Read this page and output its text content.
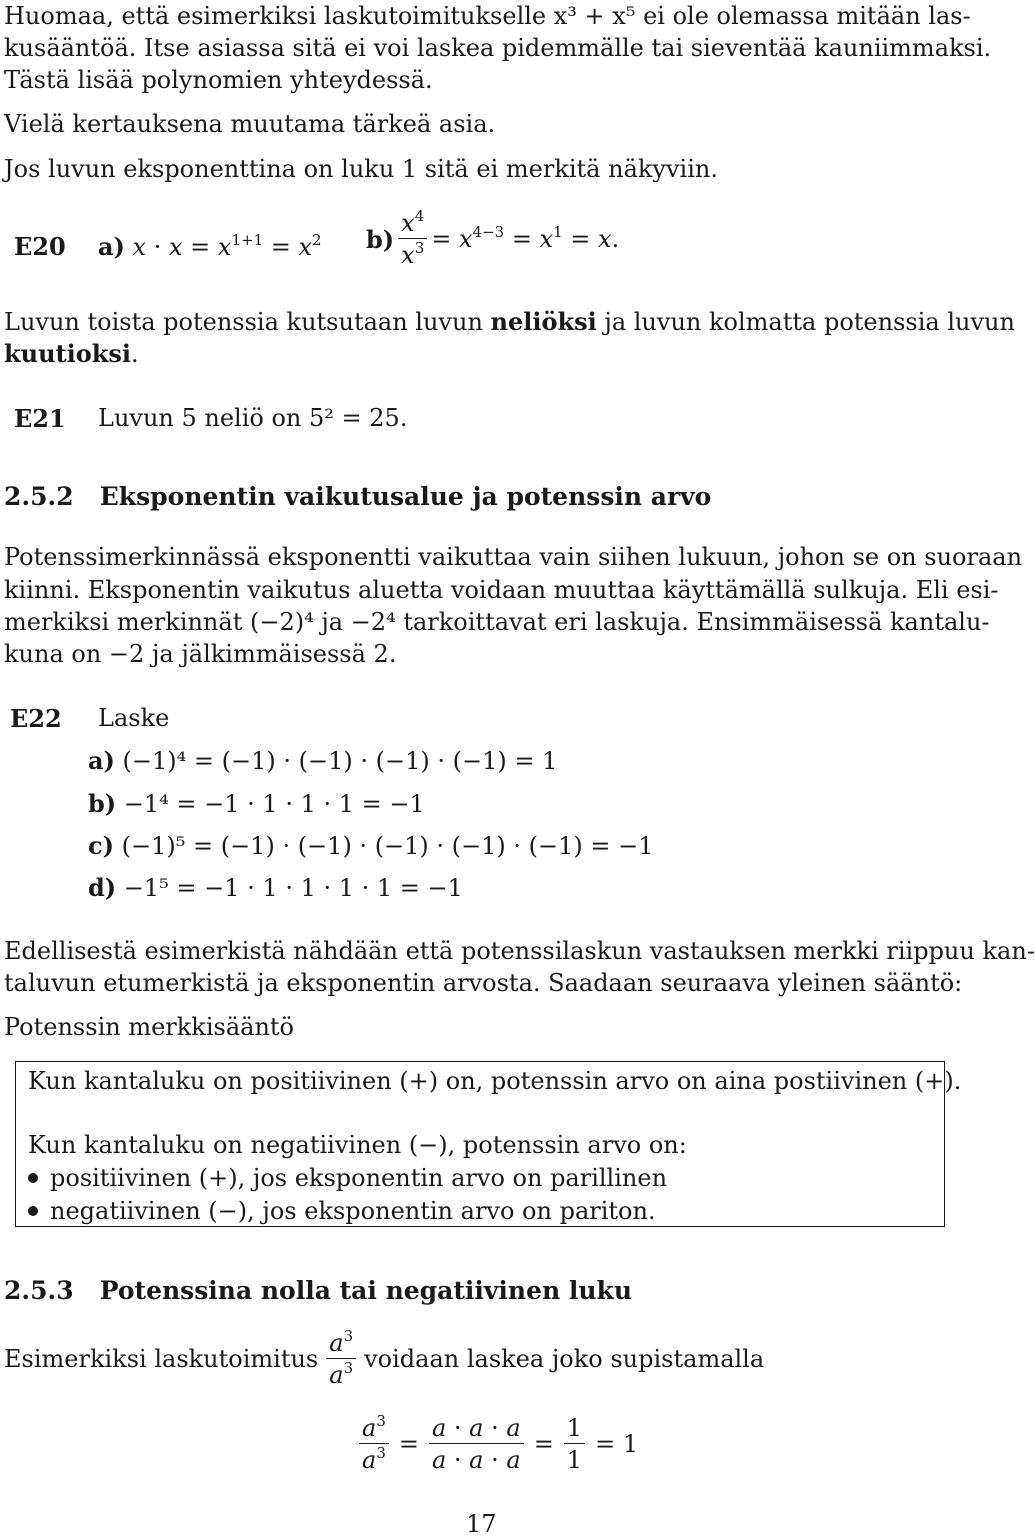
Huomaa, että esimerkiksi laskutoimitukselle x³ + x⁵ ei ole olemassa mitään las-
kusääntöä. Itse asiassa sitä ei voi laskea pidemmälle tai sieventää kauniimmaksi.
Tästä lisää polynomien yhteydessä.
Vielä kertauksena muutama tärkeä asia.
Jos luvun eksponenttina on luku 1 sitä ei merkitä näkyviin.
E20 a) $x \cdot x = x^{1+1} = x^2$ $b) \frac{x^4}{x^3} = x^{4-3} = x^1 = x$.
Luvun toista potenssia kutsutaan luvun neliöksi ja luvun kolmatta potenssia luvun
kuutioksi.
E21 Luvun 5 neliö on 5² = 25.
2.5.2 Eksponentin vaikutusalue ja potenssin arvo
Potenssimerkinnässä eksponentti vaikuttaa vain siihen lukuun, johon se on suoraan
kiinni. Eksponentin vaikutus aluetta voidaan muuttaa käyttämällä sulkuja. Eli esi-
merkiksi merkinnät (−2)⁴ ja −2⁴ tarkoittavat eri laskuja. Ensimmäisessä kantalu-
kuna on −2 ja jälkimmäisessä 2.
E22 Laske
a) (−1)⁴ = (−1) · (−1) · (−1) · (−1) = 1
b) −1⁴ = −1 · 1 · 1 · 1 = −1
c) (−1)⁵ = (−1) · (−1) · (−1) · (−1) · (−1) = −1
d) −1⁵ = −1 · 1 · 1 · 1 · 1 = −1
Edellisestä esimerkistä nähdään että potenssilaskun vastauksen merkki riippuu kan-
taluvun etumerkistä ja eksponentin arvosta. Saadaan seuraava yleinen sääntö:
Potenssin merkkisääntö
Kun kantaluku on positiivinen (+) on, potenssin arvo on aina postiivinen (+).
Kun kantaluku on negatiivinen (−), potenssin arvo on:
positiivinen (+), jos eksponentin arvo on parillinen
negatiivinen (−), jos eksponentin arvo on pariton.
2.5.3 Potenssina nolla tai negatiivinen luku
Esimerkiksi laskutoimitus $\frac{a^3}{a^3}$ voidaan laskea joko supistamalla
$\frac{a^3}{a^3} = \frac{a \cdot a \cdot a}{a \cdot a \cdot a} = \frac{1}{1} = 1$
17
